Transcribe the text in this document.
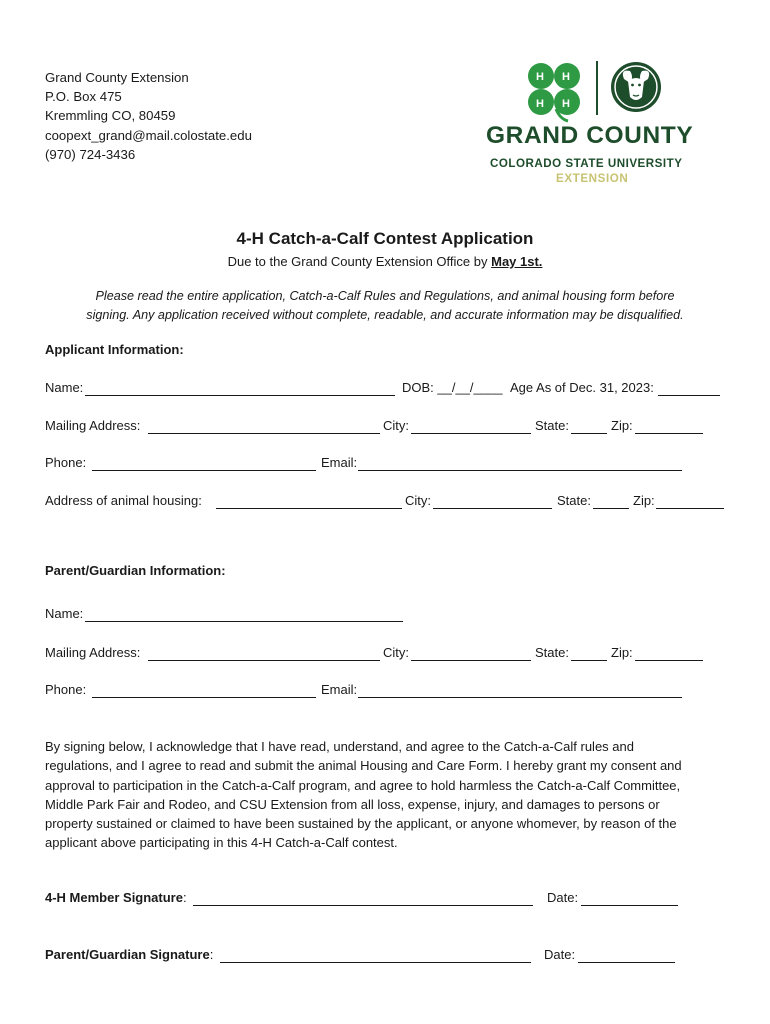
Grand County Extension
P.O. Box 475
Kremmling CO, 80459
coopext_grand@mail.colostate.edu
(970) 724-3436
H H
H H
GRAND COUNTY
COLORADO STATE UNIVERSITY
EXTENSION
4-H Catch-a-Calf Contest Application
Due to the Grand County Extension Office by May 1st.
Please read the entire application, Catch-a-Calf Rules and Regulations, and animal housing form before
signing. Any application received without complete, readable, and accurate information may be disqualified.
Applicant Information:
Name:	DOB: __/__/____ Age As of Dec. 31, 2023:
Mailing Address:	City:	State:	Zip:
Phone:	Email:
Address of animal housing:	City:	State:	Zip:
Parent/Guardian Information:
Name:
Mailing Address:	City:	State:	Zip:
Phone:	Email:
By signing below, I acknowledge that I have read, understand, and agree to the Catch-a-Calf rules and
regulations, and I agree to read and submit the animal Housing and Care Form. I hereby grant my consent and
approval to participation in the Catch-a-Calf program, and agree to hold harmless the Catch-a-Calf Committee,
Middle Park Fair and Rodeo, and CSU Extension from all loss, expense, injury, and damages to persons or
property sustained or claimed to have been sustained by the applicant, or anyone whomever, by reason of the
applicant above participating in this 4-H Catch-a-Calf contest.
4-H Member Signature:	Date:
Parent/Guardian Signature:	Date:
